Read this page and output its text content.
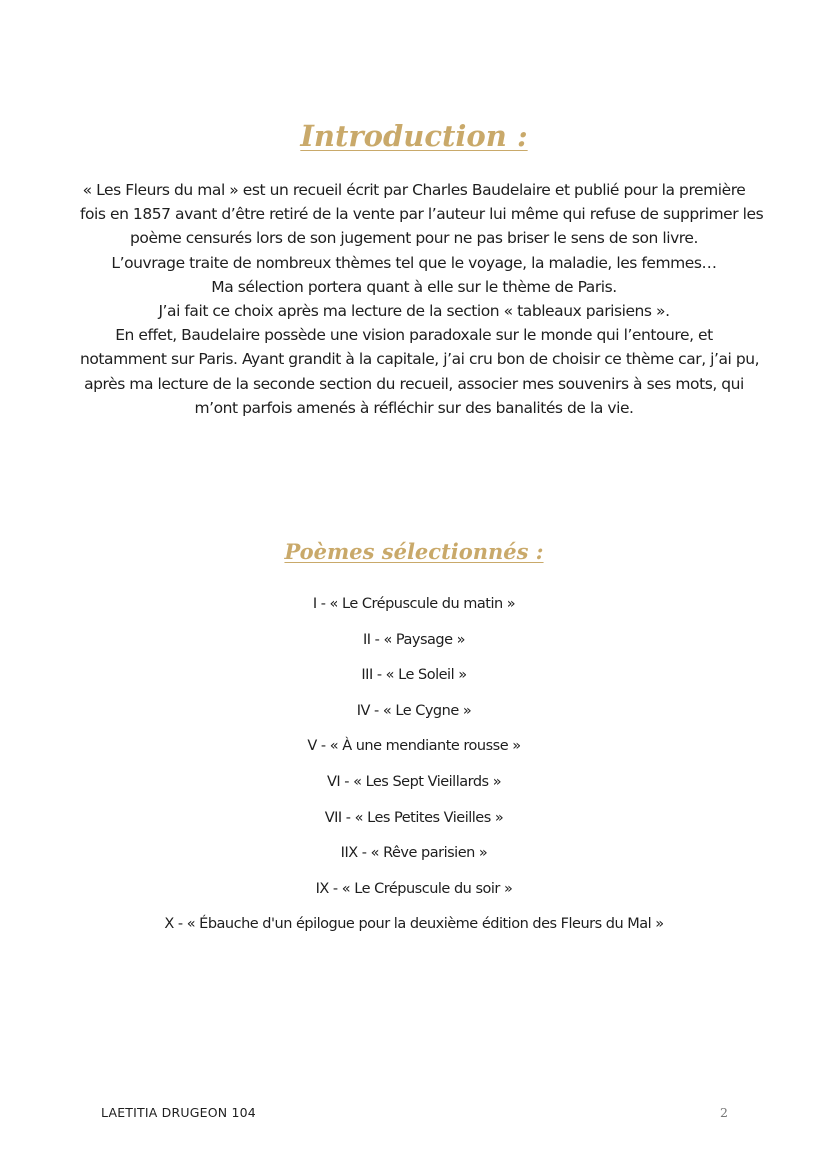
Introduction :

« Les Fleurs du mal » est un recueil écrit par Charles Baudelaire et publié pour la première
fois en 1857 avant d’être retiré de la vente par l’auteur lui même qui refuse de supprimer les
poème censurés lors de son jugement pour ne pas briser le sens de son livre.
L’ouvrage traite de nombreux thèmes tel que le voyage, la maladie, les femmes…
Ma sélection portera quant à elle sur le thème de Paris.
J’ai fait ce choix après ma lecture de la section « tableaux parisiens ».
En effet, Baudelaire possède une vision paradoxale sur le monde qui l’entoure, et
notamment sur Paris. Ayant grandit à la capitale, j’ai cru bon de choisir ce thème car, j’ai pu,
après ma lecture de la seconde section du recueil, associer mes souvenirs à ses mots, qui
m’ont parfois amenés à réfléchir sur des banalités de la vie.

Poèmes sélectionnés :
I - « Le Crépuscule du matin »
II - « Paysage »
III - « Le Soleil »
IV - « Le Cygne »
V - « À une mendiante rousse »
VI - « Les Sept Vieillards »
VII - « Les Petites Vieilles »
IIX - « Rêve parisien »
IX - « Le Crépuscule du soir »
X - « Ébauche d'un épilogue pour la deuxième édition des Fleurs du Mal »
LAETITIA DRUGEON 104	2
